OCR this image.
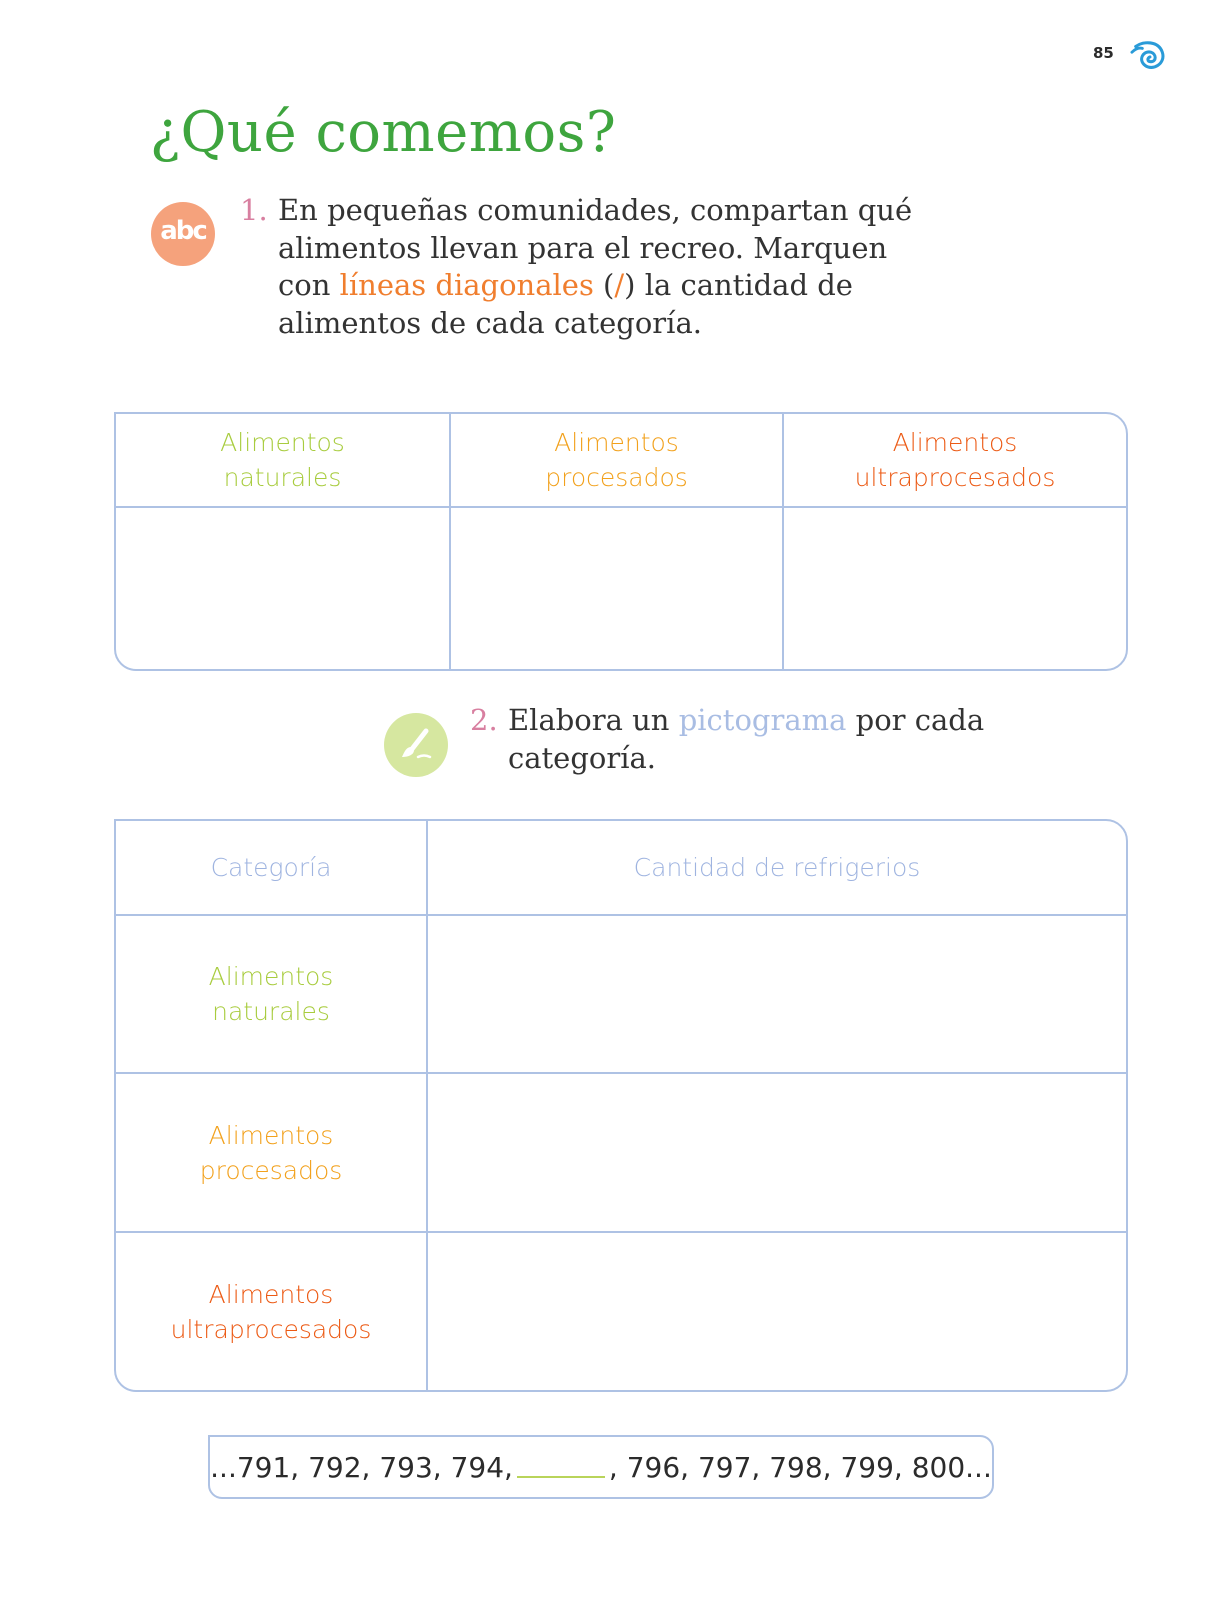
85
¿Qué comemos?
abc

1. En pequeñas comunidades, compartan qué
alimentos llevan para el recreo. Marquen
con líneas diagonales (/) la cantidad de
alimentos de cada categoría.

Alimentos
naturales
Alimentos
procesados
Alimentos
ultraprocesados

2. Elabora un pictograma por cada
categoría.

Categoría	Cantidad de refrigerios
Alimentos
naturales
Alimentos
procesados
Alimentos
ultraprocesados
...791, 792, 793, 794,	, 796, 797, 798, 799, 800...
